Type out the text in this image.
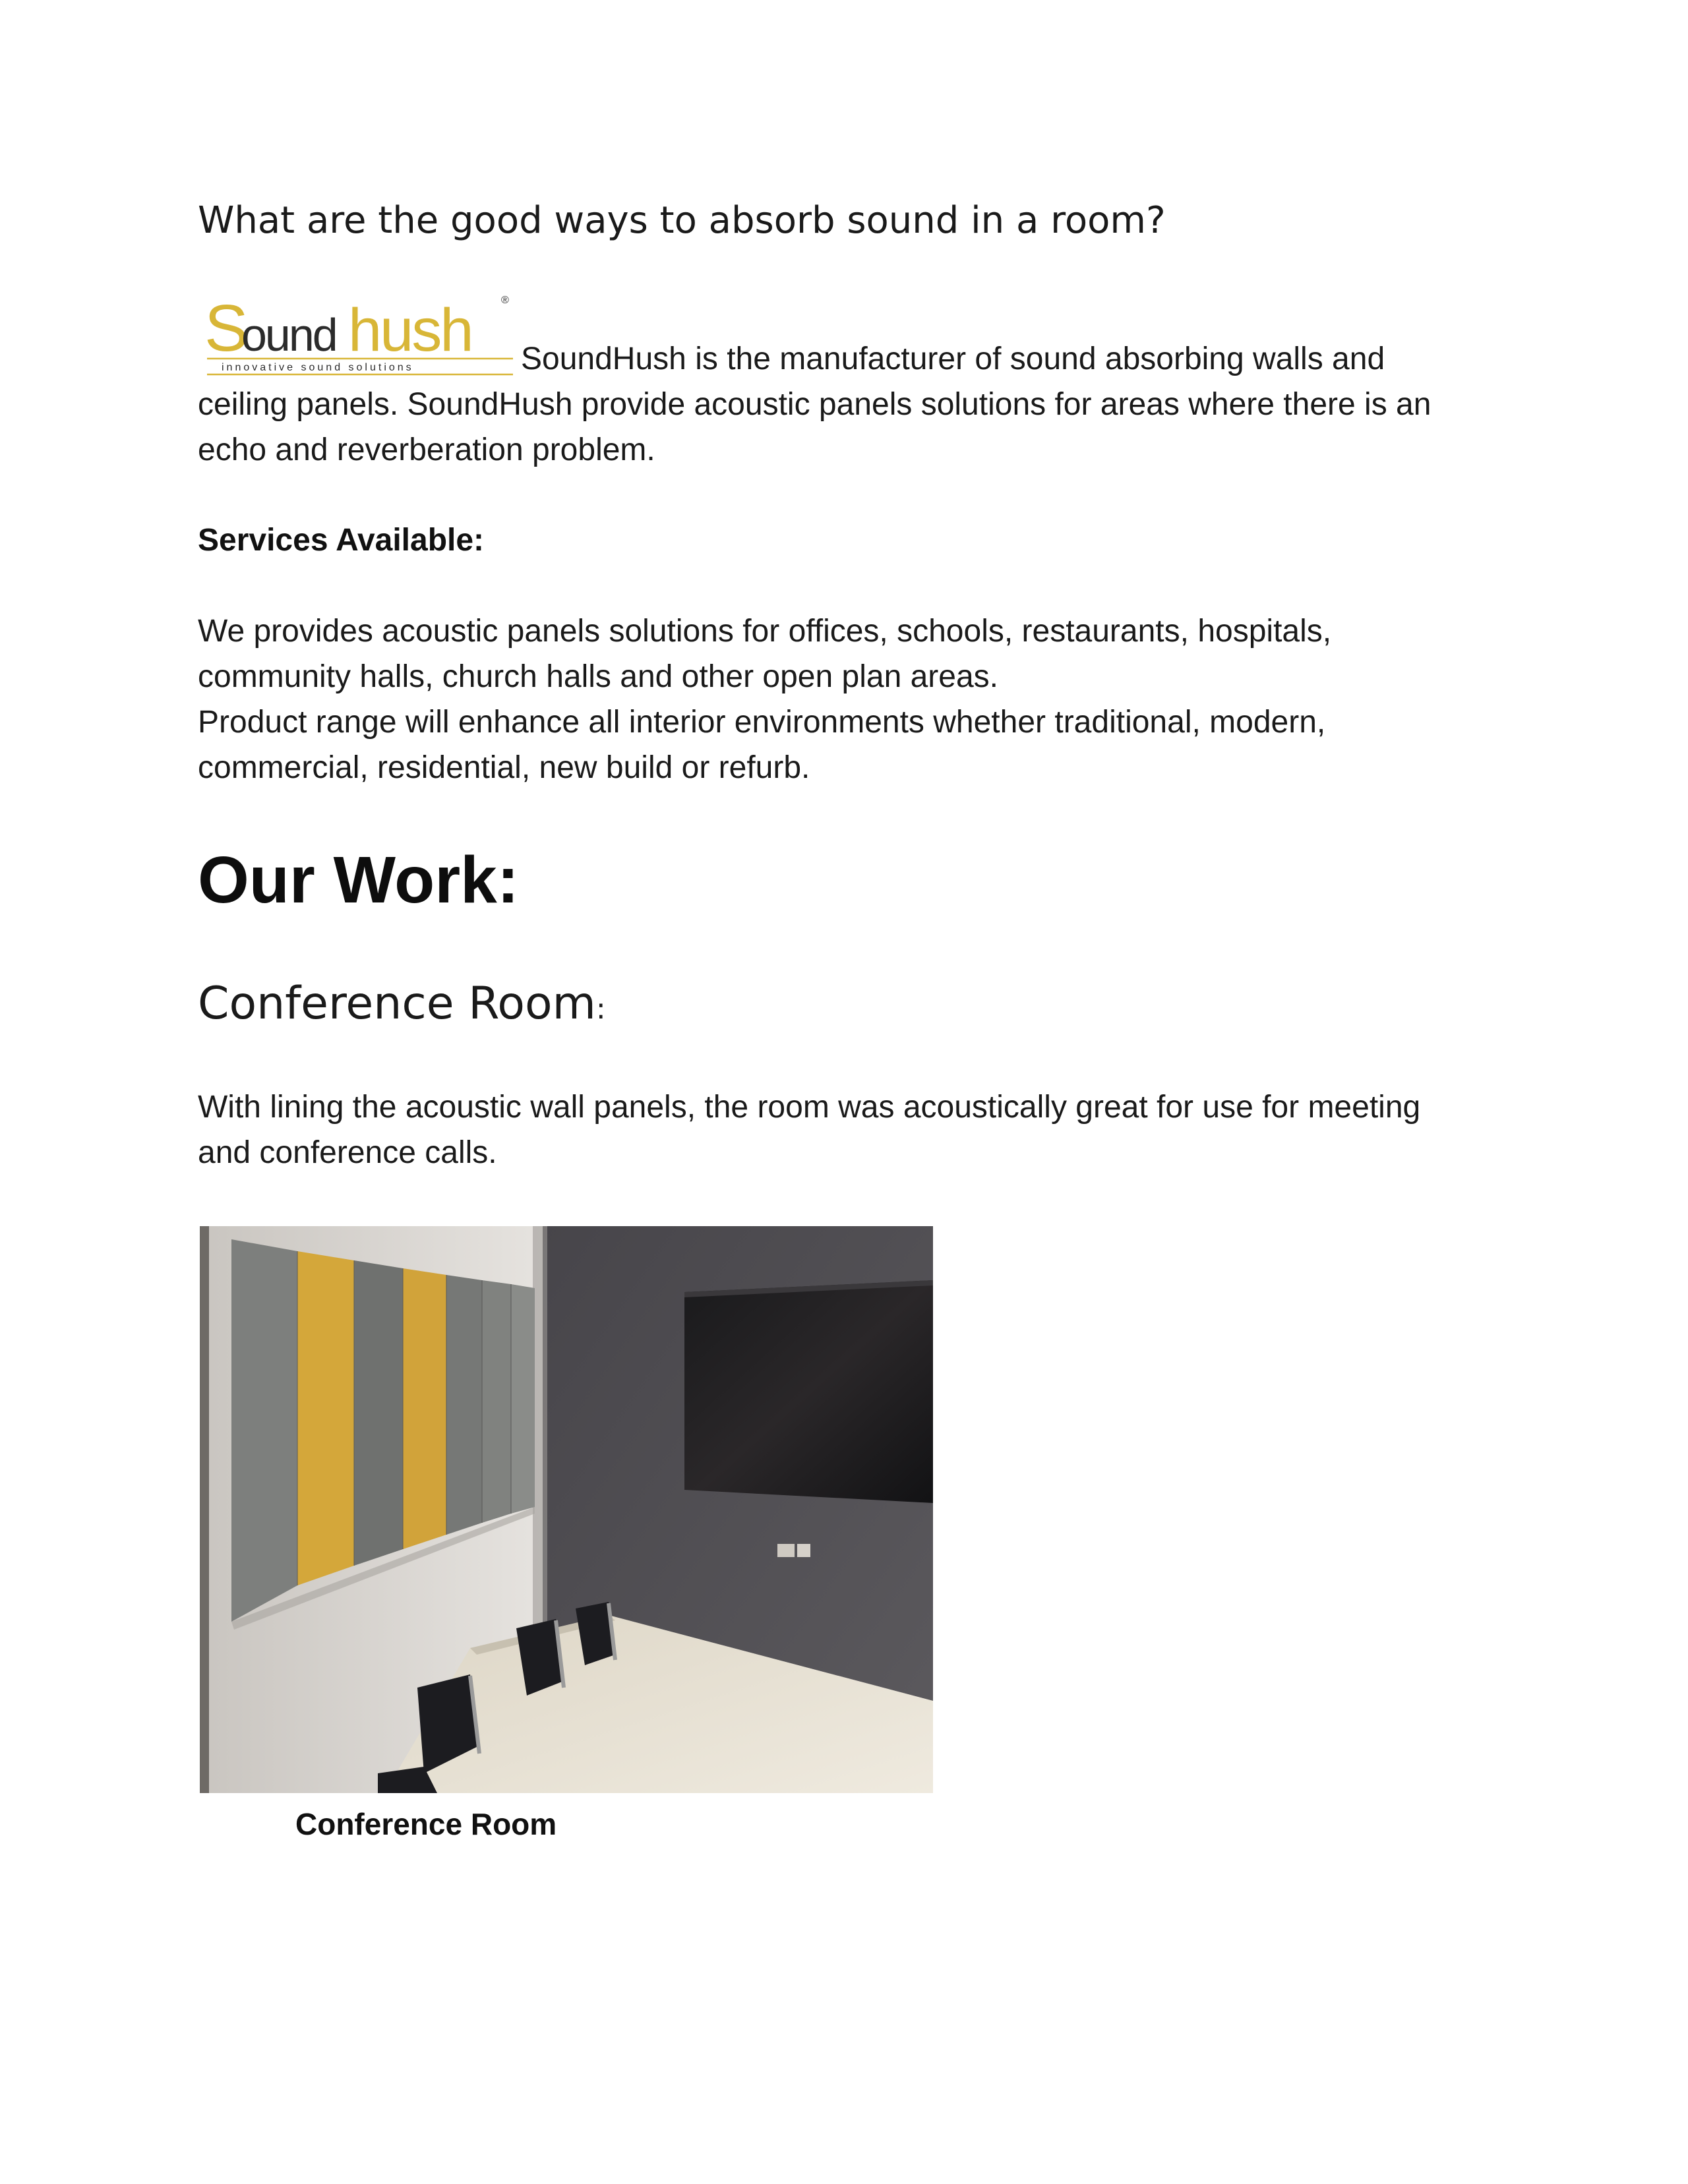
What are the good ways to absorb sound in a room?
S
ound hush	®
innovative sound solutions	SoundHush is the manufacturer of sound absorbing walls and
ceiling panels. SoundHush provide acoustic panels solutions for areas where there is an
echo and reverberation problem.
Services Available:
We provides acoustic panels solutions for offices, schools, restaurants, hospitals,
community halls, church halls and other open plan areas.
Product range will enhance all interior environments whether traditional, modern,
commercial, residential, new build or refurb.
Our Work:
Conference Room:
With lining the acoustic wall panels, the room was acoustically great for use for meeting
and conference calls.
Conference Room
